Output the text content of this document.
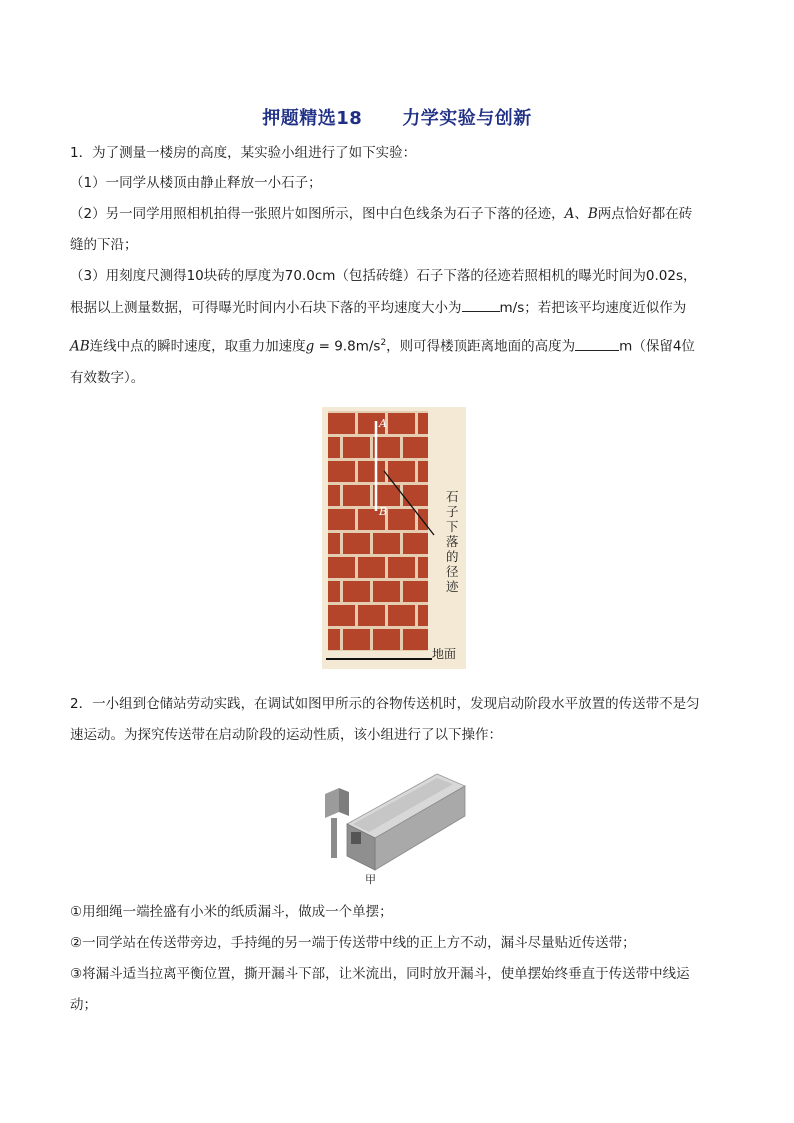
押题精选18 力学实验与创新
1．为了测量一楼房的高度，某实验小组进行了如下实验：
（1）一同学从楼顶由静止释放一小石子；
（2）另一同学用照相机拍得一张照片如图所示，图中白色线条为石子下落的径迹，A、B两点恰好都在砖
缝的下沿；
（3）用刻度尺测得10块砖的厚度为70.0cm（包括砖缝）石子下落的径迹若照相机的曝光时间为0.02s，
根据以上测量数据，可得曝光时间内小石块下落的平均速度大小为	m/s；若把该平均速度近似作为
AB连线中点的瞬时速度，取重力加速度$g = 9.8m/s^2$，则可得楼顶距离地面的高度为	m（保留4位
有效数字）。
A
B
石
子
下
落
的
径
迹
地面
2．一小组到仓储站劳动实践，在调试如图甲所示的谷物传送机时，发现启动阶段水平放置的传送带不是匀
速运动。为探究传送带在启动阶段的运动性质，该小组进行了以下操作：
甲
①用细绳一端拴盛有小米的纸质漏斗，做成一个单摆；
②一同学站在传送带旁边，手持绳的另一端于传送带中线的正上方不动，漏斗尽量贴近传送带；
③将漏斗适当拉离平衡位置，撕开漏斗下部，让米流出，同时放开漏斗，使单摆始终垂直于传送带中线运
动；
